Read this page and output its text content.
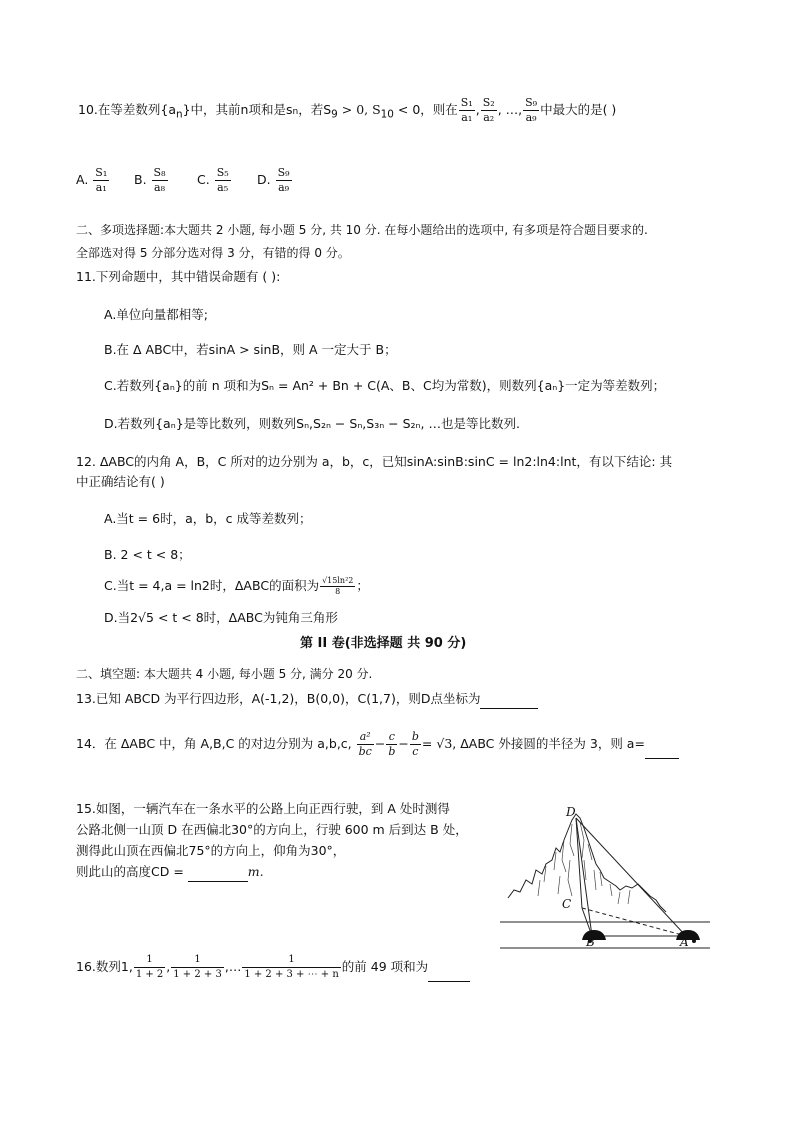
10.在等差数列$\{a_n\}$中，其前n项和是sn，若$S_9 > 0$, $S_{10} < 0$，则在 $\frac{\text{S₁}}{\text{a₁}}$ , $\frac{\text{S₂}}{\text{a₂}}$ , …, $\frac{\text{S₉}}{\text{a₉}}$ 中最大的是( )
A. $\frac{\text{S₁}}{\text{a₁}} B$. $\frac{\text{S₈}}{\text{a₈}} C$. $\frac{\text{S₅}}{\text{a₅}} D$. $\frac{\text{S₉}}{\text{a₉}}$
二、多项选择题:本大题共 2 小题, 每小题 5 分, 共 10 分. 在每小题给出的选项中, 有多项是符合题目要求的.
全部选对得 5 分部分选对得 3 分，有错的得 0 分。
11.下列命题中，其中错误命题有 ( ):
A.单位向量都相等;
B.在 Δ ABC中，若sinA > sinB，则 A 一定大于 B；
C.若数列{aₙ}的前 n 项和为Sₙ = An² + Bn + C(A、B、C均为常数)，则数列{aₙ}一定为等差数列；
D.若数列{aₙ}是等比数列，则数列Sₙ,S₂ₙ − Sₙ,S₃ₙ − S₂ₙ, …也是等比数列.
12. ΔABC的内角 A，B，C 所对的边分别为 a，b，c，已知sinA:sinB:sinC = ln2:ln4:lnt，有以下结论: 其
中正确结论有( )
A.当t = 6时，a，b，c 成等差数列；
B. 2 < t < 8；
C.当t = 4,a = ln2时，ΔABC的面积为 $\frac{\text{√15ln²2}}{8}$ ；
D.当2√5 < t < 8时，ΔABC为钝角三角形
第 II 卷(非选择题 共 90 分)
二、填空题: 本大题共 4 小题, 每小题 5 分, 满分 20 分.
13.已知 ABCD 为平行四边形，A(-1,2)，B(0,0)，C(1,7)，则D点坐标为
14．在 ΔABC 中，角 A,B,C 的对边分别为 a,b,c, $\frac{\text{a²}}{bc} - \frac{c}{b} - \frac{b}{c} = √3$, ΔABC 外接圆的半径为 3，则 a=
15.如图，一辆汽车在一条水平的公路上向正西行驶，到 A 处时测得
公路北侧一山顶 D 在西偏北30°的方向上，行驶 600 m 后到达 B 处，
测得此山顶在西偏北75°的方向上，仰角为30°，
则此山的高度CD =	m.
D
C
B	A
16.数列1, $\frac{1}{1 + 2}$ , $\frac{1}{1 + 2 + 3}$ ,… $\frac{1}{1 + 2 + 3 + \cdots + n}$ 的前 49 项和为
